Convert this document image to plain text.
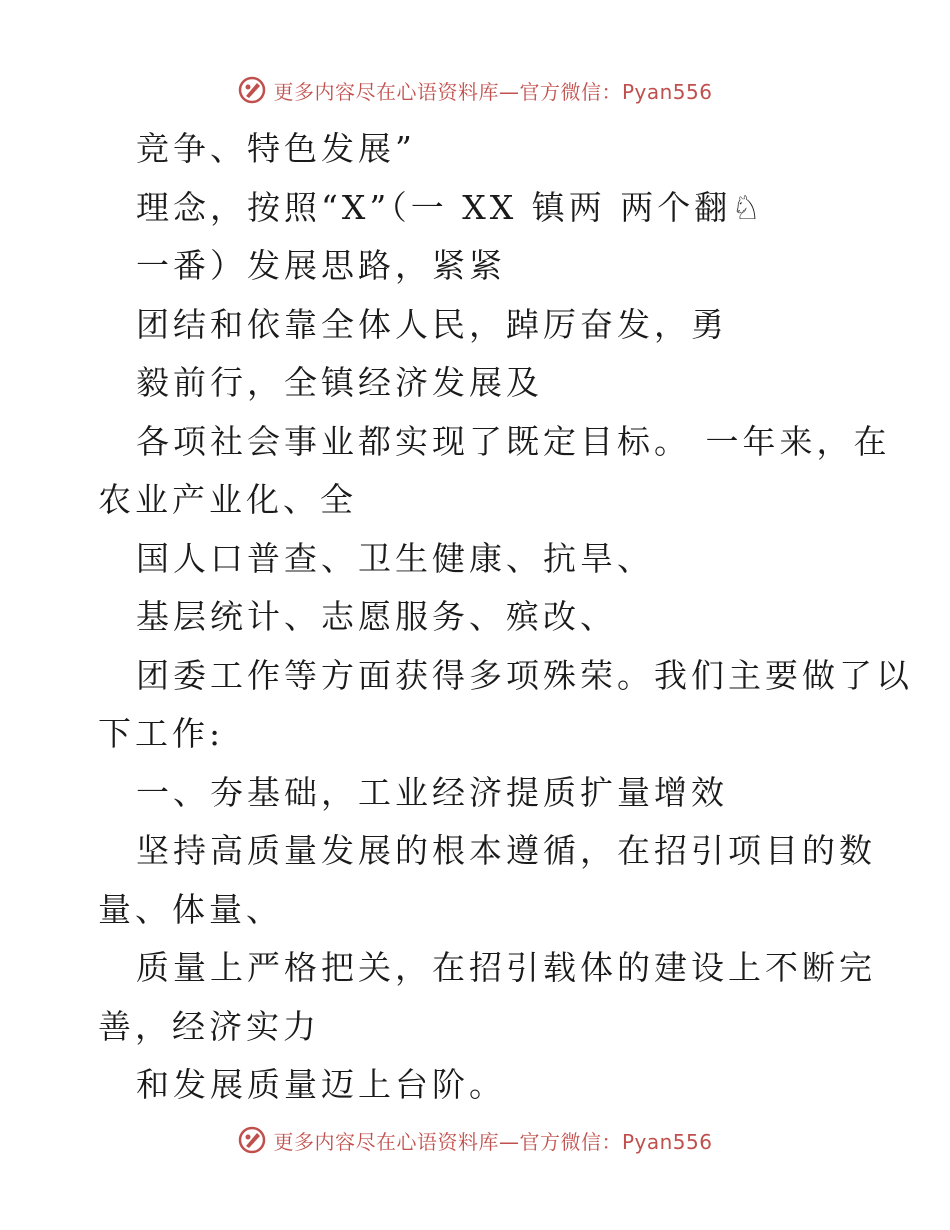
更多内容尽在心语资料库—官方微信：Pyan556
竞争、特色发展”
理念，按照“X”（一 XX 镇两 两个翻♘
一番）发展思路，紧紧
团结和依靠全体人民，踔厉奋发，勇
毅前行，全镇经济发展及
各项社会事业都实现了既定目标。 一年来，在
农业产业化、全
国人口普查、卫生健康、抗旱、
基层统计、志愿服务、殡改、
团委工作等方面获得多项殊荣。我们主要做了以
下工作:
一、夯基础，工业经济提质扩量增效
坚持高质量发展的根本遵循，在招引项目的数
量、体量、
质量上严格把关，在招引载体的建设上不断完
善，经济实力
和发展质量迈上台阶。
更多内容尽在心语资料库—官方微信：Pyan556
